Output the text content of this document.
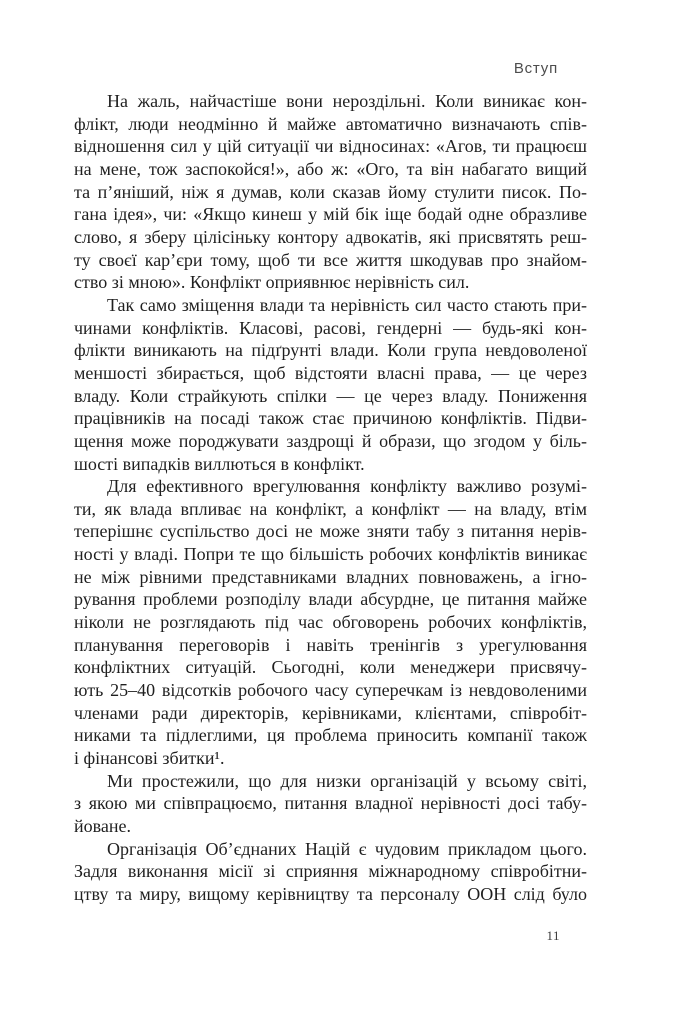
Вступ
На жаль, найчастіше вони нероздільні. Коли виникає кон-
флікт, люди неодмінно й майже автоматично визначають спів-
відношення сил у цій ситуації чи відносинах: «Агов, ти працюєш
на мене, тож заспокойся!», або ж: «Ого, та він набагато вищий
та п’яніший, ніж я думав, коли сказав йому стулити писок. По-
гана ідея», чи: «Якщо кинеш у мій бік іще бодай одне образливе
слово, я зберу цілісіньку контору адвокатів, які присвятять реш-
ту своєї кар’єри тому, щоб ти все життя шкодував про знайом-
ство зі мною». Конфлікт оприявнює нерівність сил.
Так само зміщення влади та нерівність сил часто стають при-
чинами конфліктів. Класові, расові, гендерні — будь-які кон-
флікти виникають на підґрунті влади. Коли група невдоволеної
меншості збирається, щоб відстояти власні права, — це через
владу. Коли страйкують спілки — це через владу. Пониження
працівників на посаді також стає причиною конфліктів. Підви-
щення може породжувати заздрощі й образи, що згодом у біль-
шості випадків виллються в конфлікт.
Для ефективного врегулювання конфлікту важливо розумі-
ти, як влада впливає на конфлікт, а конфлікт — на владу, втім
теперішнє суспільство досі не може зняти табу з питання нерів-
ності у владі. Попри те що більшість робочих конфліктів виникає
не між рівними представниками владних повноважень, а ігно-
рування проблеми розподілу влади абсурдне, це питання майже
ніколи не розглядають під час обговорень робочих конфліктів,
планування переговорів і навіть тренінгів з урегулювання
конфліктних ситуацій. Сьогодні, коли менеджери присвячу-
ють 25–40 відсотків робочого часу суперечкам із невдоволеними
членами ради директорів, керівниками, клієнтами, співробіт-
никами та підлеглими, ця проблема приносить компанії також
і фінансові збитки¹.
Ми простежили, що для низки організацій у всьому світі,
з якою ми співпрацюємо, питання владної нерівності досі табу-
йоване.
Організація Об’єднаних Націй є чудовим прикладом цього.
Задля виконання місії зі сприяння міжнародному співробітни-
цтву та миру, вищому керівництву та персоналу ООН слід було
11
